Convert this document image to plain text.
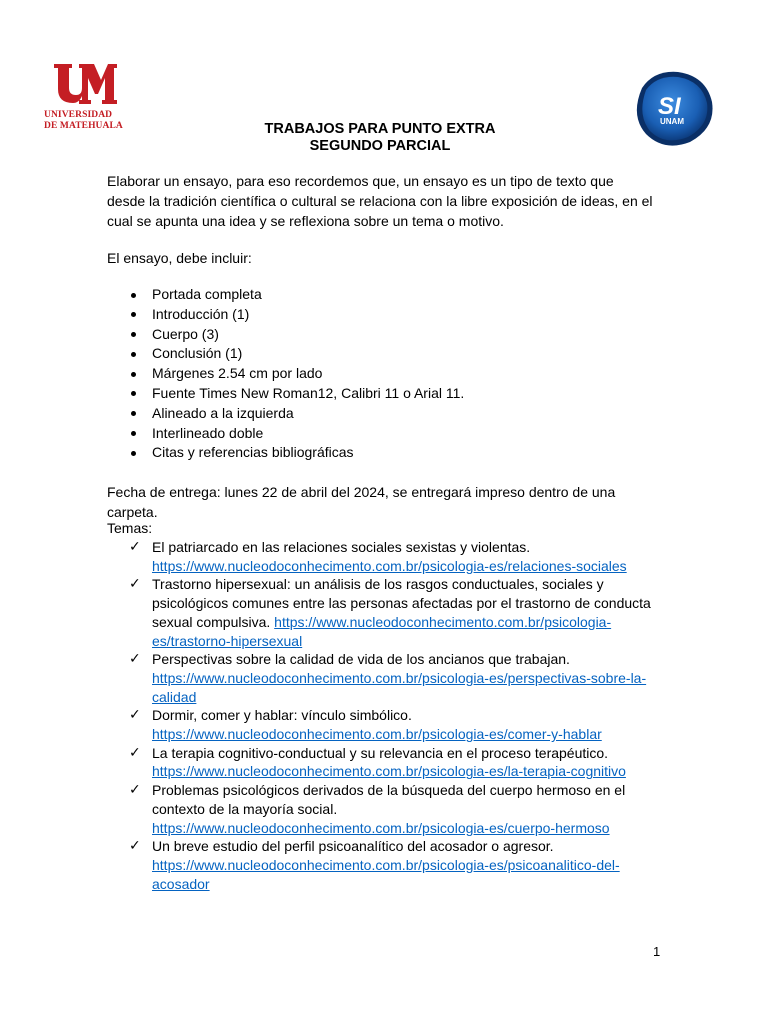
UNIVERSIDAD
DE MATEHUALA
SI
UNAM
TRABAJOS PARA PUNTO EXTRA
SEGUNDO PARCIAL
Elaborar un ensayo, para eso recordemos que, un ensayo es un tipo de texto que desde la tradición científica o cultural se relaciona con la libre exposición de ideas, en el cual se apunta una idea y se reflexiona sobre un tema o motivo.
El ensayo, debe incluir:
Portada completa
Introducción (1)
Cuerpo (3)
Conclusión (1)
Márgenes 2.54 cm por lado
Fuente Times New Roman12, Calibri 11 o Arial 11.
Alineado a la izquierda
Interlineado doble
Citas y referencias bibliográficas
Fecha de entrega: lunes 22 de abril del 2024, se entregará impreso dentro de una carpeta.
Temas:
✓ El patriarcado en las relaciones sociales sexistas y violentas.
https://www.nucleodoconhecimento.com.br/psicologia-es/relaciones-sociales
✓ Trastorno hipersexual: un análisis de los rasgos conductuales, sociales y psicológicos comunes entre las personas afectadas por el trastorno de conducta sexual compulsiva. https://www.nucleodoconhecimento.com.br/psicologia-es/trastorno-hipersexual
✓ Perspectivas sobre la calidad de vida de los ancianos que trabajan.
https://www.nucleodoconhecimento.com.br/psicologia-es/perspectivas-sobre-la-calidad
✓ Dormir, comer y hablar: vínculo simbólico.
https://www.nucleodoconhecimento.com.br/psicologia-es/comer-y-hablar
✓ La terapia cognitivo-conductual y su relevancia en el proceso terapéutico.
https://www.nucleodoconhecimento.com.br/psicologia-es/la-terapia-cognitivo
✓ Problemas psicológicos derivados de la búsqueda del cuerpo hermoso en el contexto de la mayoría social.
https://www.nucleodoconhecimento.com.br/psicologia-es/cuerpo-hermoso
✓ Un breve estudio del perfil psicoanalítico del acosador o agresor.
https://www.nucleodoconhecimento.com.br/psicologia-es/psicoanalitico-del-acosador
1
